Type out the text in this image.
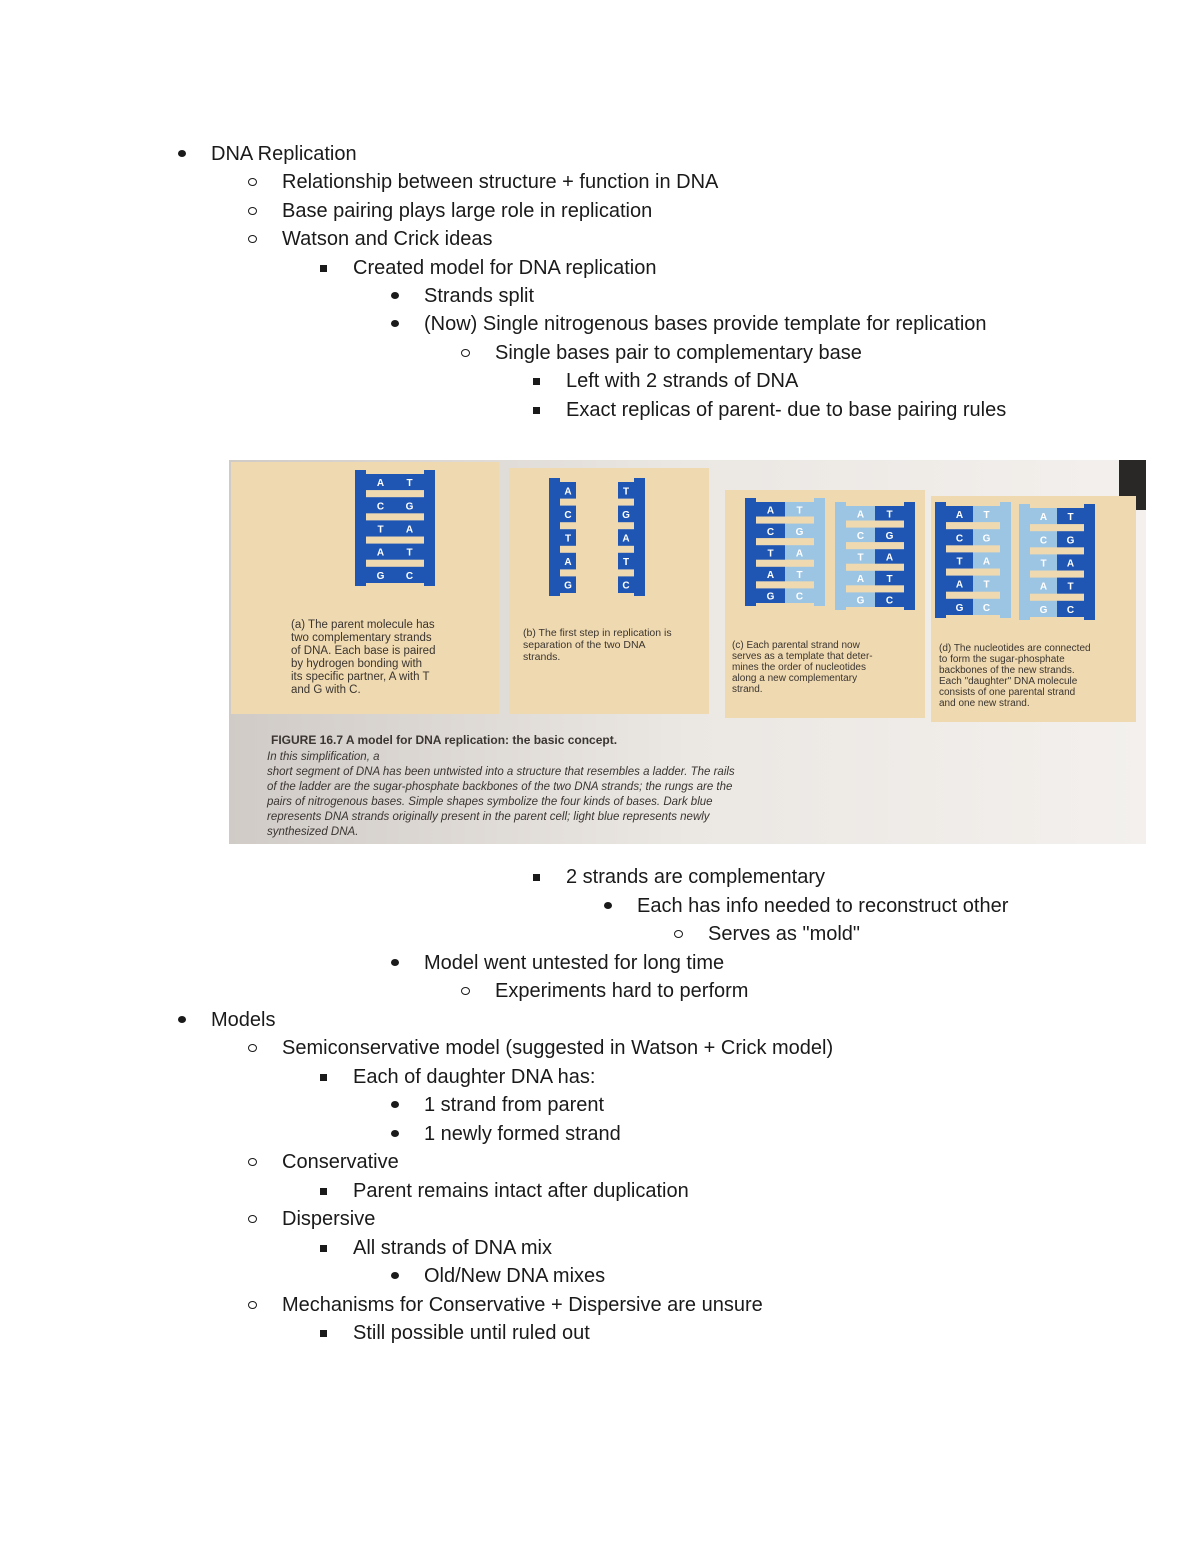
DNA Replication
Relationship between structure + function in DNA
Base pairing plays large role in replication
Watson and Crick ideas
Created model for DNA replication
Strands split
(Now) Single nitrogenous bases provide template for replication
Single bases pair to complementary base
Left with 2 strands of DNA
Exact replicas of parent- due to base pairing rules
A T
C G
T A
A T
G C
A	T
C	G
T	A
A	T
G	C
A T
C G
T A
A T
G C
A T
C G
T A
A T
G C
A T
C G
T A
A T
G C
A T
C G
T A
A T
G C
(a) The parent molecule has two complementary strands of DNA. Each base is paired by hydrogen bonding with its specific partner, A with T and G with C.
(b) The first step in replication is separation of the two DNA strands.
(c) Each parental strand now serves as a template that deter-mines the order of nucleotides along a new complementary strand.
(d) The nucleotides are connected to form the sugar-phosphate backbones of the new strands. Each "daughter" DNA molecule consists of one parental strand and one new strand.
FIGURE 16.7 A model for DNA replication: the basic concept.
In this simplification, a short segment of DNA has been untwisted into a structure that resembles a ladder. The rails of the ladder are the sugar-phosphate backbones of the two DNA strands; the rungs are the pairs of nitrogenous bases. Simple shapes symbolize the four kinds of bases. Dark blue represents DNA strands originally present in the parent cell; light blue represents newly synthesized DNA.
2 strands are complementary
Each has info needed to reconstruct other
Serves as "mold"
Model went untested for long time
Experiments hard to perform
Models
Semiconservative model (suggested in Watson + Crick model)
Each of daughter DNA has:
1 strand from parent
1 newly formed strand
Conservative
Parent remains intact after duplication
Dispersive
All strands of DNA mix
Old/New DNA mixes
Mechanisms for Conservative + Dispersive are unsure
Still possible until ruled out
